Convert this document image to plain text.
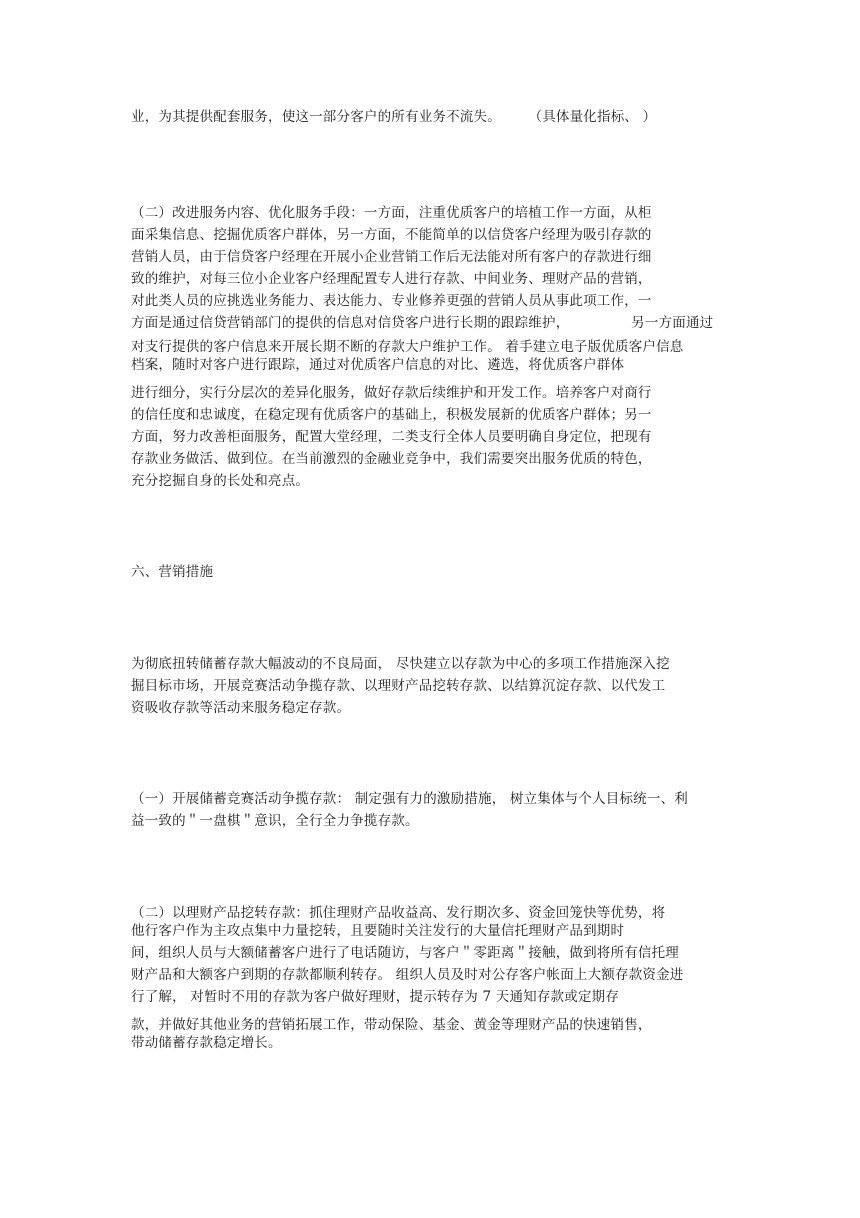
业，为其提供配套服务，使这一部分客户的所有业务不流失。　　　（具体量化指标、 ）
（二）改进服务内容、优化服务手段：一方面，注重优质客户的培植工作一方面，从柜
面采集信息、挖掘优质客户群体，另一方面，不能简单的以信贷客户经理为吸引存款的
营销人员，由于信贷客户经理在开展小企业营销工作后无法能对所有客户的存款进行细
致的维护，对每三位小企业客户经理配置专人进行存款、中间业务、理财产品的营销，
对此类人员的应挑选业务能力、表达能力、专业修养更强的营销人员从事此项工作，一
方面是通过信贷营销部门的提供的信息对信贷客户进行长期的跟踪维护，　　　　　另一方面通过
对支行提供的客户信息来开展长期不断的存款大户维护工作。 着手建立电子版优质客户信息
档案，随时对客户进行跟踪，通过对优质客户信息的对比、遴选，将优质客户群体
进行细分，实行分层次的差异化服务，做好存款后续维护和开发工作。培养客户对商行
的信任度和忠诚度，在稳定现有优质客户的基础上，积极发展新的优质客户群体；另一
方面，努力改善柜面服务，配置大堂经理，二类支行全体人员要明确自身定位，把现有
存款业务做活、做到位。在当前激烈的金融业竞争中，我们需要突出服务优质的特色，
充分挖掘自身的长处和亮点。
六、营销措施
为彻底扭转储蓄存款大幅波动的不良局面， 尽快建立以存款为中心的多项工作措施深入挖
掘目标市场，开展竞赛活动争揽存款、以理财产品挖转存款、以结算沉淀存款、以代发工
资吸收存款等活动来服务稳定存款。
（一）开展储蓄竞赛活动争揽存款： 制定强有力的激励措施， 树立集体与个人目标统一、利
益一致的＂一盘棋＂意识，全行全力争揽存款。
（二）以理财产品挖转存款：抓住理财产品收益高、发行期次多、资金回笼快等优势，将
他行客户作为主攻点集中力量挖转，且要随时关注发行的大量信托理财产品到期时
间，组织人员与大额储蓄客户进行了电话随访，与客户＂零距离＂接触，做到将所有信托理
财产品和大额客户到期的存款都顺利转存。 组织人员及时对公存客户帐面上大额存款资金进
行了解， 对暂时不用的存款为客户做好理财，提示转存为 7 天通知存款或定期存
款，并做好其他业务的营销拓展工作，带动保险、基金、黄金等理财产品的快速销售，
带动储蓄存款稳定增长。
